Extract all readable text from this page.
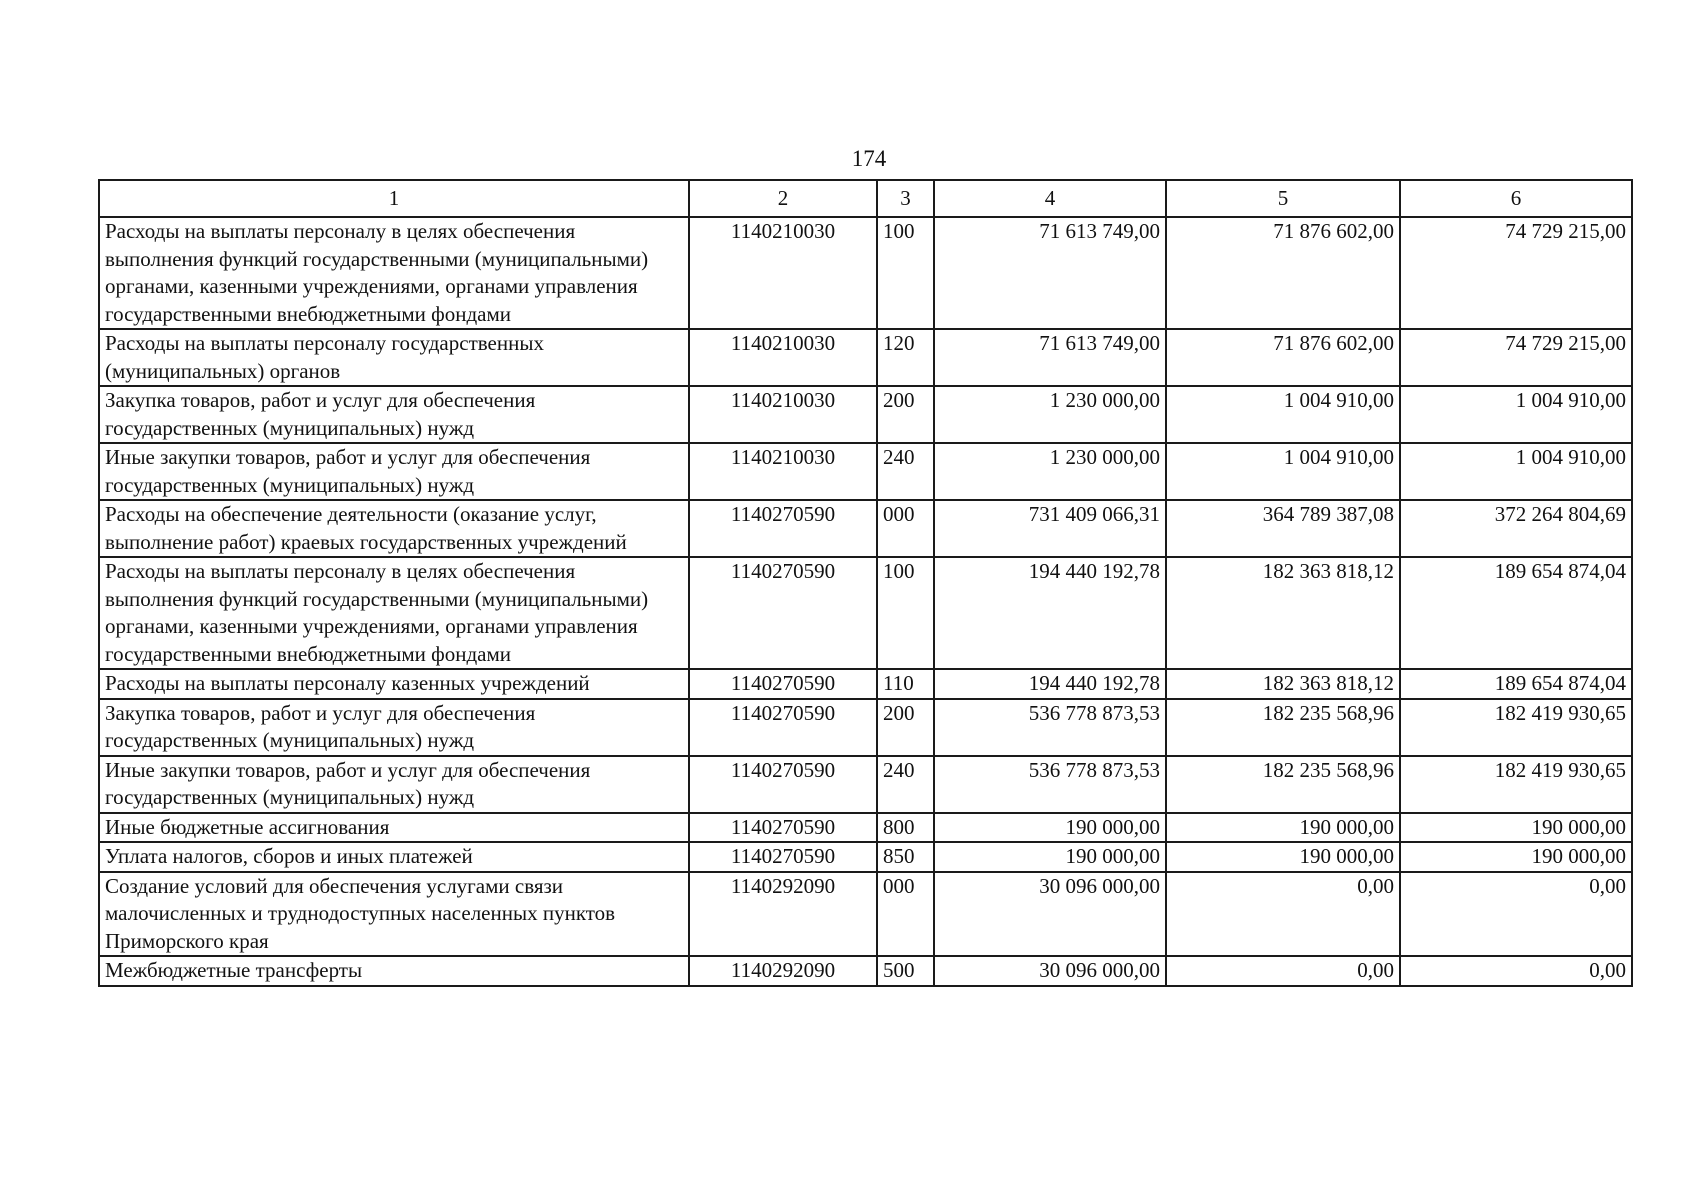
174
1	2	3	4	5	6
Расходы на выплаты персоналу в целях обеспечения выполнения функций государственными (муниципальными) органами, казенными учреждениями, органами управления государственными внебюджетными фондами	1140210030	100	71 613 749,00	71 876 602,00	74 729 215,00
Расходы на выплаты персоналу государственных (муниципальных) органов	1140210030	120	71 613 749,00	71 876 602,00	74 729 215,00
Закупка товаров, работ и услуг для обеспечения государственных (муниципальных) нужд	1140210030	200	1 230 000,00	1 004 910,00	1 004 910,00
Иные закупки товаров, работ и услуг для обеспечения государственных (муниципальных) нужд	1140210030	240	1 230 000,00	1 004 910,00	1 004 910,00
Расходы на обеспечение деятельности (оказание услуг, выполнение работ) краевых государственных учреждений	1140270590	000	731 409 066,31	364 789 387,08	372 264 804,69
Расходы на выплаты персоналу в целях обеспечения выполнения функций государственными (муниципальными) органами, казенными учреждениями, органами управления государственными внебюджетными фондами	1140270590	100	194 440 192,78	182 363 818,12	189 654 874,04
Расходы на выплаты персоналу казенных учреждений	1140270590	110	194 440 192,78	182 363 818,12	189 654 874,04
Закупка товаров, работ и услуг для обеспечения государственных (муниципальных) нужд	1140270590	200	536 778 873,53	182 235 568,96	182 419 930,65
Иные закупки товаров, работ и услуг для обеспечения государственных (муниципальных) нужд	1140270590	240	536 778 873,53	182 235 568,96	182 419 930,65
Иные бюджетные ассигнования	1140270590	800	190 000,00	190 000,00	190 000,00
Уплата налогов, сборов и иных платежей	1140270590	850	190 000,00	190 000,00	190 000,00
Создание условий для обеспечения услугами связи малочисленных и труднодоступных населенных пунктов Приморского края	1140292090	000	30 096 000,00	0,00	0,00
Межбюджетные трансферты	1140292090	500	30 096 000,00	0,00	0,00
